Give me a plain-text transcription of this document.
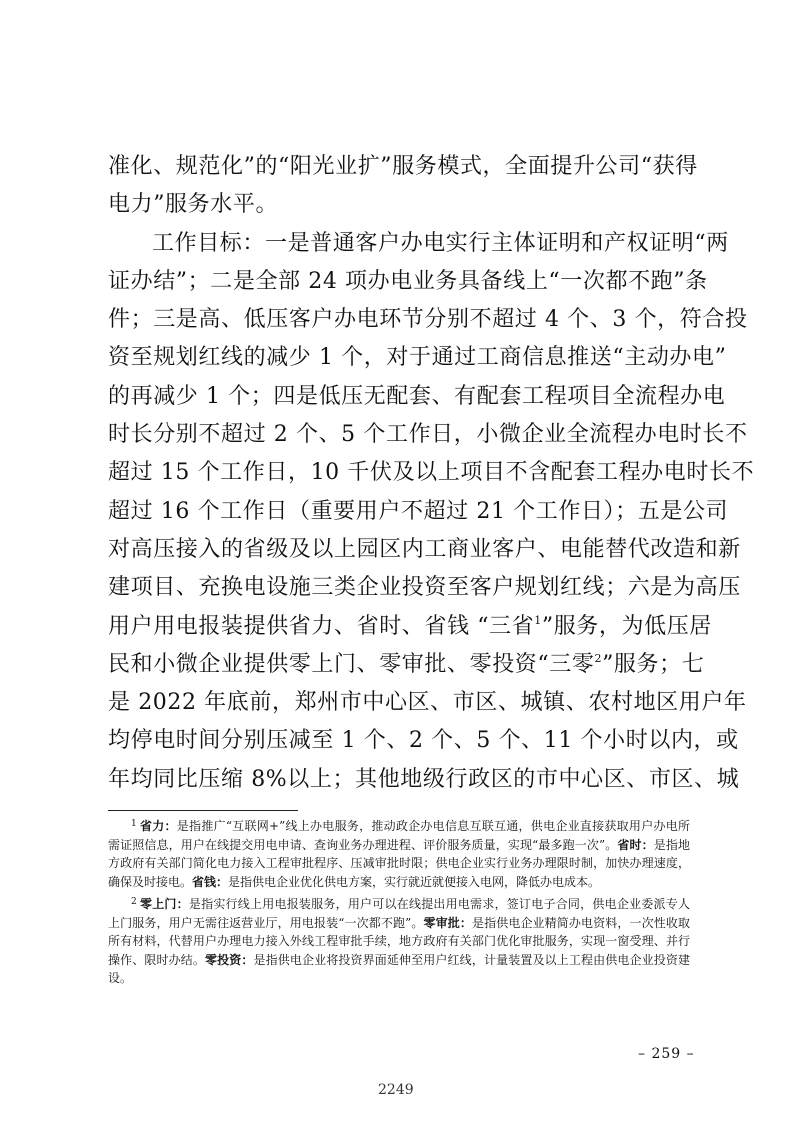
准化、规范化”的“阳光业扩”服务模式，全面提升公司“获得
电力”服务水平。
工作目标：一是普通客户办电实行主体证明和产权证明“两
证办结”；二是全部 24 项办电业务具备线上“一次都不跑”条
件；三是高、低压客户办电环节分别不超过 4 个、3 个，符合投
资至规划红线的减少 1 个，对于通过工商信息推送“主动办电”
的再减少 1 个；四是低压无配套、有配套工程项目全流程办电
时长分别不超过 2 个、5 个工作日，小微企业全流程办电时长不
超过 15 个工作日，10 千伏及以上项目不含配套工程办电时长不
超过 16 个工作日（重要用户不超过 21 个工作日）；五是公司
对高压接入的省级及以上园区内工商业客户、电能替代改造和新
建项目、充换电设施三类企业投资至客户规划红线；六是为高压
用户用电报装提供省力、省时、省钱 “三省$^1$”服务，为低压居
民和小微企业提供零上门、零审批、零投资“三零$^2$”服务；七
是 2022 年底前，郑州市中心区、市区、城镇、农村地区用户年
均停电时间分别压减至 1 个、2 个、5 个、11 个小时以内，或
年均同比压缩 8%以上；其他地级行政区的市中心区、市区、城

$^1$ 省力：是指推广“互联网+”线上办电服务，推动政企办电信息互联互通，供电企业直接获取用户办电所需证照信息，用户在线提交用电申请、查询业务办理进程、评价服务质量，实现“最多跑一次”。省时：是指地方政府有关部门简化电力接入工程审批程序、压减审批时限；供电企业实行业务办理限时制，加快办理速度，确保及时接电。省钱：是指供电企业优化供电方案，实行就近就便接入电网，降低办电成本。

$^2$ 零上门：是指实行线上用电报装服务，用户可以在线提出用电需求，签订电子合同，供电企业委派专人上门服务，用户无需往返营业厅，用电报装“一次都不跑”。零审批：是指供电企业精简办电资料，一次性收取所有材料，代替用户办理电力接入外线工程审批手续，地方政府有关部门优化审批服务，实现一窗受理、并行操作、限时办结。零投资：是指供电企业将投资界面延伸至用户红线，计量装置及以上工程由供电企业投资建设。

– 259 –
2249
